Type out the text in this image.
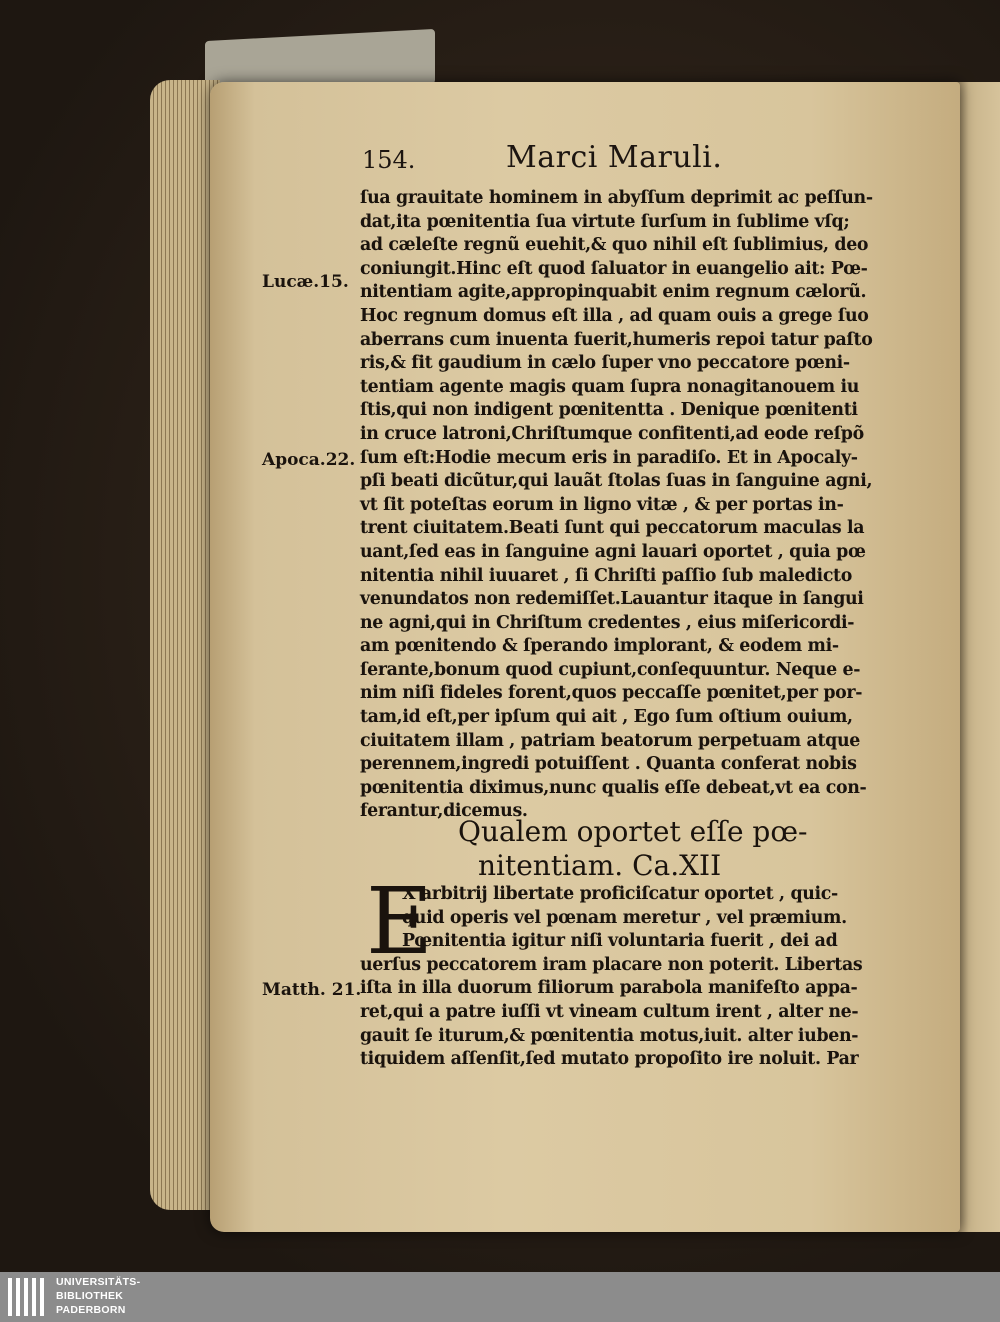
154.	Marci Maruli.
ſua grauitate hominem in abyſſum deprimit ac peſſun-
dat,ita pœnitentia ſua virtute ſurſum in ſublime vſq;
ad cæleſte regnũ euehit,& quo nihil eſt ſublimius, deo
coniungit.Hinc eſt quod ſaluator in euangelio ait: Pœ-
nitentiam agite,appropinquabit enim regnum cælorũ.
Hoc regnum domus eſt illa , ad quam ouis a grege ſuo
aberrans cum inuenta fuerit,humeris repoi tatur paſto
ris,& fit gaudium in cælo ſuper vno peccatore pœni-
tentiam agente magis quam ſupra nonagitanouem iu
ſtis,qui non indigent pœnitentta . Denique pœnitenti
in cruce latroni,Chriſtumque confitenti,ad eode reſpõ
ſum eſt:Hodie mecum eris in paradiſo. Et in Apocaly-
pſi beati dicũtur,qui lauãt ſtolas ſuas in ſanguine agni,
vt ſit poteſtas eorum in ligno vitæ , & per portas in-
trent ciuitatem.Beati ſunt qui peccatorum maculas la
uant,ſed eas in ſanguine agni lauari oportet , quia pœ
nitentia nihil iuuaret , ſi Chriſti paſſio ſub maledicto
venundatos non redemiſſet.Lauantur itaque in ſangui
ne agni,qui in Chriſtum credentes , eius miſericordi-
am pœnitendo & ſperando implorant, & eodem mi-
ſerante,bonum quod cupiunt,conſequuntur. Neque e-
nim niſi fideles forent,quos peccaſſe pœnitet,per por-
tam,id eſt,per ipſum qui ait , Ego ſum oſtium ouium,
ciuitatem illam , patriam beatorum perpetuam atque
perennem,ingredi potuiſſent . Quanta conferat nobis
pœnitentia diximus,nunc qualis eſſe debeat,vt ea con-
ferantur,dicemus.
Lucæ.15.
Apoca.22.
Matth. 21.
Qualem oportet eſſe pœ-
nitentiam. Ca.XII
E
X arbitrij libertate proficiſcatur oportet , quic-
quid operis vel pœnam meretur , vel præmium.
Pœnitentia igitur niſi voluntaria fuerit , dei ad
uerſus peccatorem iram placare non poterit. Libertas
iſta in illa duorum filiorum parabola manifeſto appa-
ret,qui a patre iuſſi vt vineam cultum irent , alter ne-
gauit ſe iturum,& pœnitentia motus,iuit. alter iuben-
tiquidem aſſenſit,ſed mutato propoſito ire noluit. Par
UNIVERSITÄTS-
BIBLIOTHEK
PADERBORN
